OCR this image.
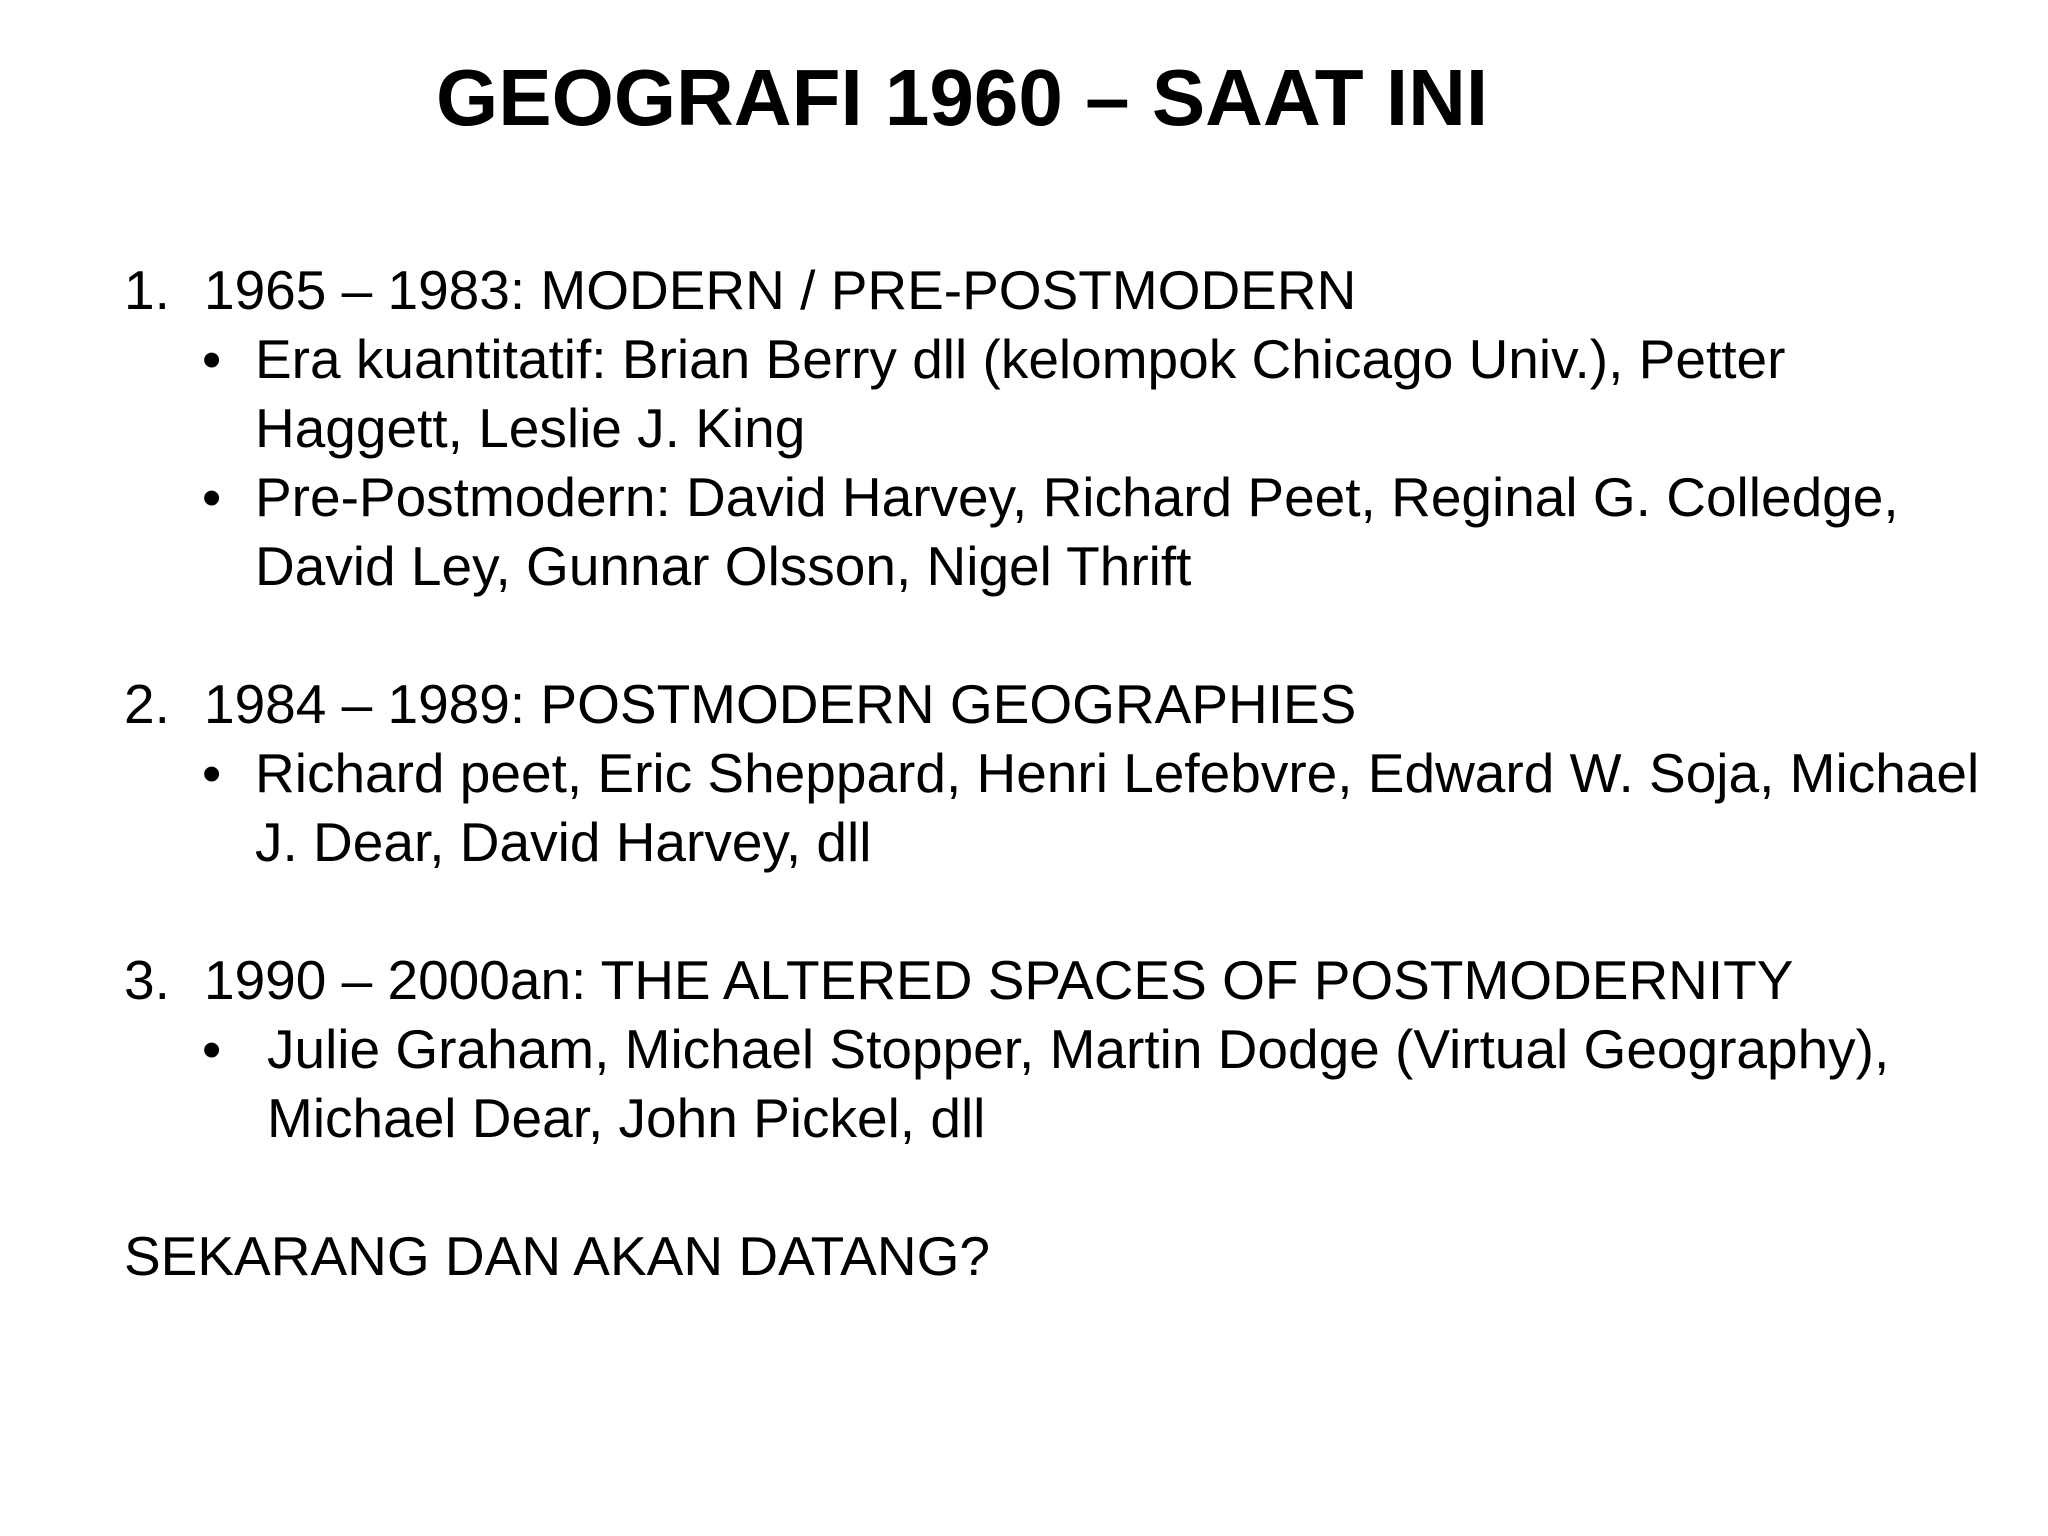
GEOGRAFI 1960 – SAAT INI
1. 1965 – 1983: MODERN / PRE-POSTMODERN
• Era kuantitatif: Brian Berry dll (kelompok Chicago Univ.), Petter Haggett, Leslie J. King
• Pre-Postmodern: David Harvey, Richard Peet, Reginal G. Colledge, David Ley, Gunnar Olsson, Nigel Thrift
2. 1984 – 1989: POSTMODERN GEOGRAPHIES
• Richard peet, Eric Sheppard, Henri Lefebvre, Edward W. Soja, Michael J. Dear, David Harvey, dll
3. 1990 – 2000an: THE ALTERED SPACES OF POSTMODERNITY
• Julie Graham, Michael Stopper, Martin Dodge (Virtual Geography), Michael Dear, John Pickel, dll
SEKARANG DAN AKAN DATANG?
